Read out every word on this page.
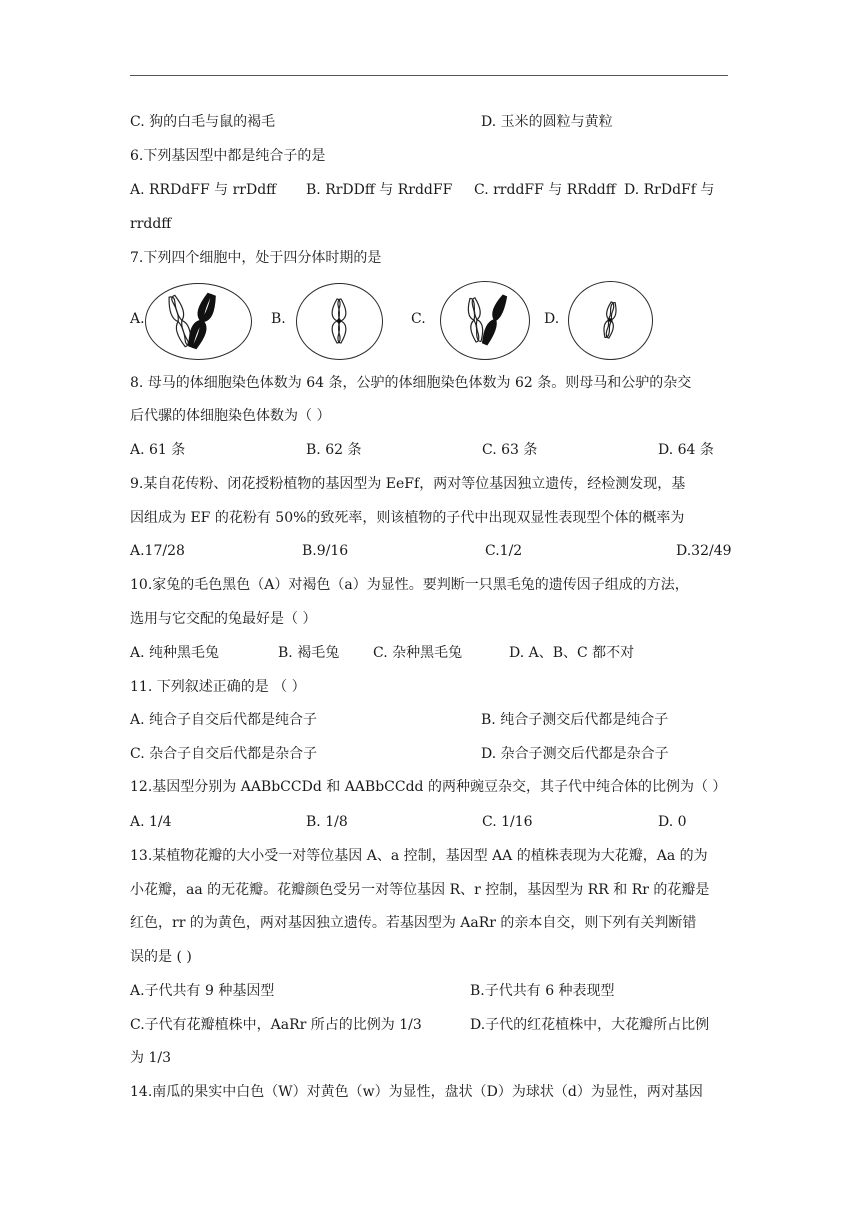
C. 狗的白毛与鼠的褐毛	D. 玉米的圆粒与黄粒
6.下列基因型中都是纯合子的是
A. RRDdFF 与 rrDdff B. RrDDff 与 RrddFF C. rrddFF 与 RRddff D. RrDdFf 与
rrddff
7.下列四个细胞中，处于四分体时期的是
A.	B.	C.	D.
8. 母马的体细胞染色体数为 64 条，公驴的体细胞染色体数为 62 条。则母马和公驴的杂交
后代骡的体细胞染色体数为（ ）
A. 61 条	B. 62 条	C. 63 条	D. 64 条
9.某自花传粉、闭花授粉植物的基因型为 EeFf，两对等位基因独立遗传，经检测发现，基
因组成为 EF 的花粉有 50%的致死率，则该植物的子代中出现双显性表现型个体的概率为
A.17/28	B.9/16	C.1/2	D.32/49
10.家兔的毛色黑色（A）对褐色（a）为显性。要判断一只黑毛兔的遗传因子组成的方法，
选用与它交配的兔最好是（ ）
A. 纯种黑毛兔	B. 褐毛兔 C. 杂种黑毛兔	D. A、B、C 都不对
11. 下列叙述正确的是 （ ）
A. 纯合子自交后代都是纯合子	B. 纯合子测交后代都是纯合子
C. 杂合子自交后代都是杂合子	D. 杂合子测交后代都是杂合子
12.基因型分别为 AABbCCDd 和 AABbCCdd 的两种豌豆杂交，其子代中纯合体的比例为（ ）
A. 1/4	B. 1/8	C. 1/16	D. 0
13.某植物花瓣的大小受一对等位基因 A、a 控制，基因型 AA 的植株表现为大花瓣，Aa 的为
小花瓣，aa 的无花瓣。花瓣颜色受另一对等位基因 R、r 控制，基因型为 RR 和 Rr 的花瓣是
红色，rr 的为黄色，两对基因独立遗传。若基因型为 AaRr 的亲本自交，则下列有关判断错
误的是 ( )
A.子代共有 9 种基因型	B.子代共有 6 种表现型
C.子代有花瓣植株中，AaRr 所占的比例为 1/3	D.子代的红花植株中，大花瓣所占比例
为 1/3
14.南瓜的果实中白色（W）对黄色（w）为显性，盘状（D）为球状（d）为显性，两对基因
